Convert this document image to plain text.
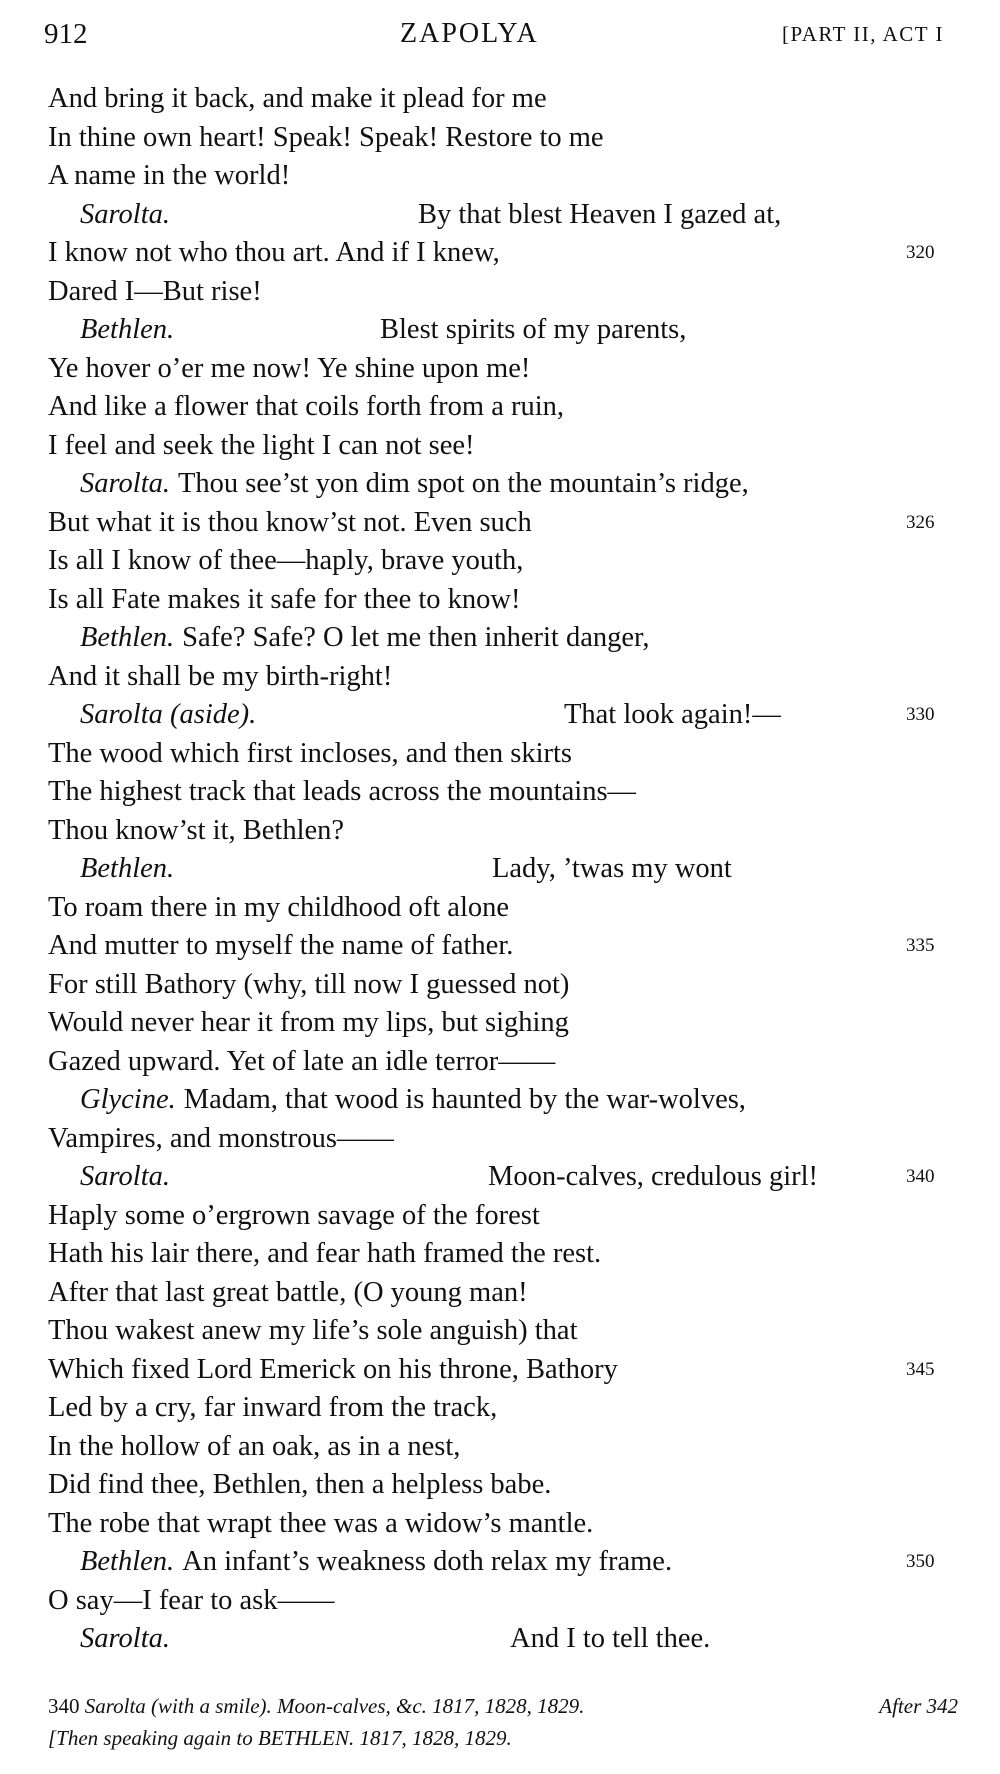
912	ZAPOLYA	[PART II, ACT I
And bring it back, and make it plead for me
In thine own heart! Speak! Speak! Restore to me
A name in the world!
Sarolta.	By that blest Heaven I gazed at,
I know not who thou art. And if I knew,	320
Dared I—But rise!
Bethlen.	Blest spirits of my parents,
Ye hover o’er me now! Ye shine upon me!
And like a flower that coils forth from a ruin,
I feel and seek the light I can not see!
Sarolta. Thou see’st yon dim spot on the mountain’s ridge,
But what it is thou know’st not. Even such	326
Is all I know of thee—haply, brave youth,
Is all Fate makes it safe for thee to know!
Bethlen. Safe? Safe? O let me then inherit danger,
And it shall be my birth-right!
Sarolta (aside).	That look again!—	330
The wood which first incloses, and then skirts
The highest track that leads across the mountains—
Thou know’st it, Bethlen?
Bethlen.	Lady, ’twas my wont
To roam there in my childhood oft alone
And mutter to myself the name of father.	335
For still Bathory (why, till now I guessed not)
Would never hear it from my lips, but sighing
Gazed upward. Yet of late an idle terror——
Glycine. Madam, that wood is haunted by the war-wolves,
Vampires, and monstrous——
Sarolta.	Moon-calves, credulous girl!	340
Haply some o’ergrown savage of the forest
Hath his lair there, and fear hath framed the rest.
After that last great battle, (O young man!
Thou wakest anew my life’s sole anguish) that
Which fixed Lord Emerick on his throne, Bathory	345
Led by a cry, far inward from the track,
In the hollow of an oak, as in a nest,
Did find thee, Bethlen, then a helpless babe.
The robe that wrapt thee was a widow’s mantle.
Bethlen. An infant’s weakness doth relax my frame.	350
O say—I fear to ask——
Sarolta.	And I to tell thee.
340 Sarolta (with a smile). Moon-calves, &c. 1817, 1828, 1829.	After 342
[Then speaking again to BETHLEN. 1817, 1828, 1829.
